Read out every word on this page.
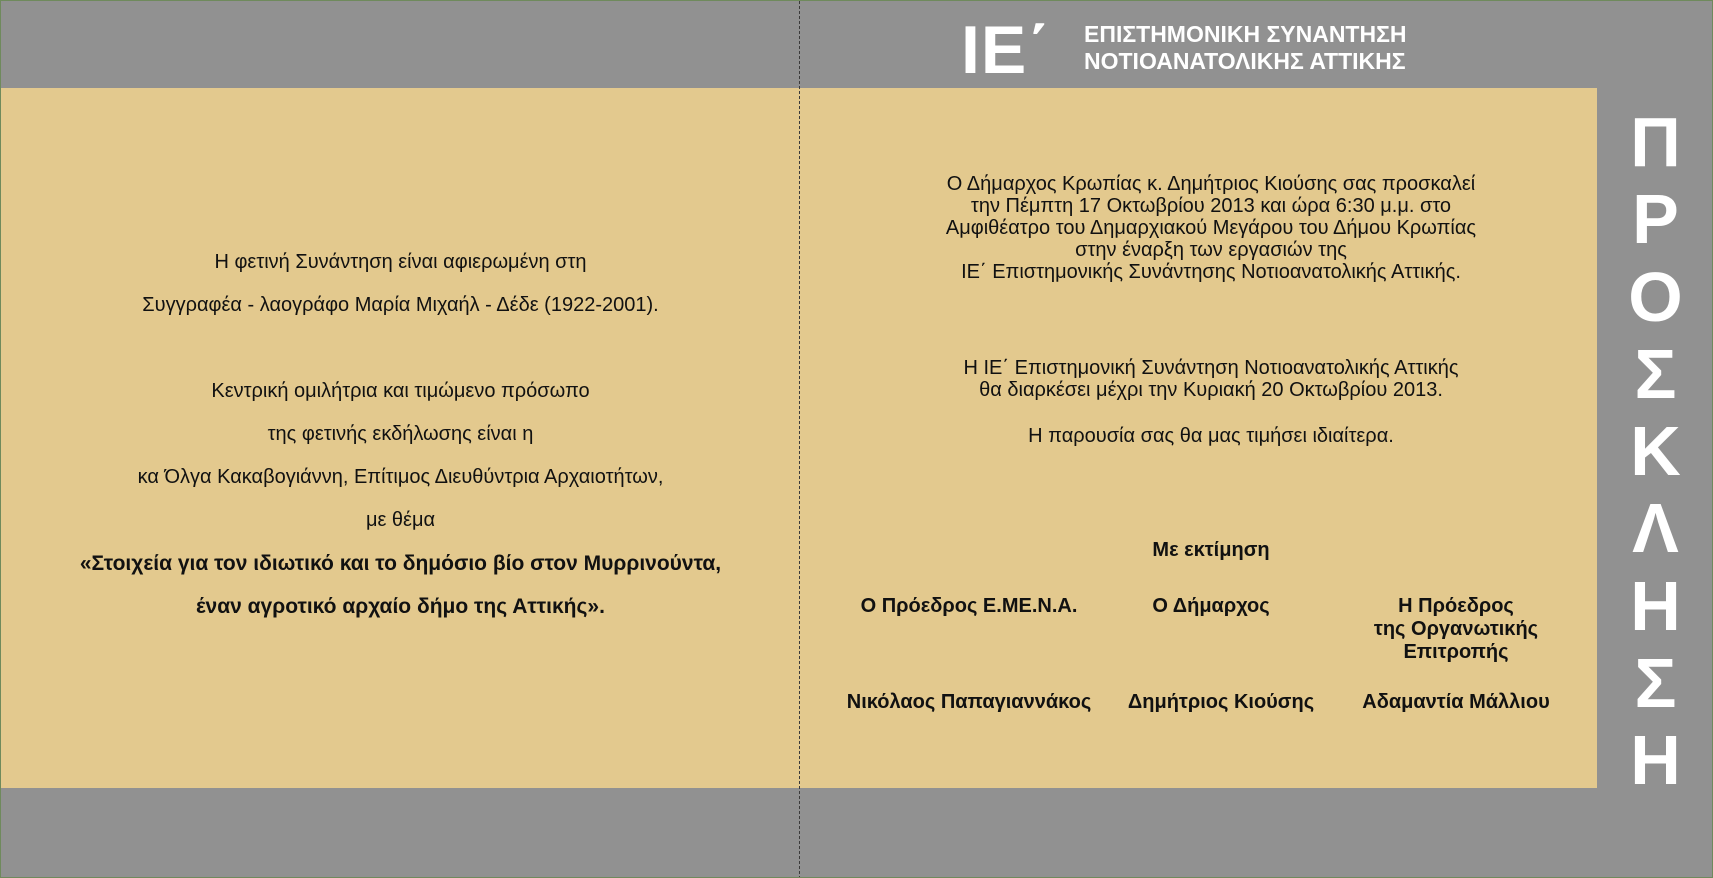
ΙΕ΄ ΕΠΙΣΤΗΜΟΝΙΚΗ ΣΥΝΑΝΤΗΣΗ
ΝΟΤΙΟΑΝΑΤΟΛΙΚΗΣ ΑΤΤΙΚΗΣ
Π
Ρ
Ο
Σ
Κ
Λ
Η
Σ
Η
Η φετινή Συνάντηση είναι αφιερωμένη στη
Συγγραφέα - λαογράφο Μαρία Μιχαήλ - Δέδε (1922-2001).
Κεντρική ομιλήτρια και τιμώμενο πρόσωπο
της φετινής εκδήλωσης είναι η
κα Όλγα Κακαβογιάννη, Επίτιμος Διευθύντρια Αρχαιοτήτων,
με θέμα
«Στοιχεία για τον ιδιωτικό και το δημόσιο βίο στον Μυρρινούντα,
έναν αγροτικό αρχαίο δήμο της Αττικής».
Ο Δήμαρχος Κρωπίας κ. Δημήτριος Κιούσης σας προσκαλεί
την Πέμπτη 17 Οκτωβρίου 2013 και ώρα 6:30 μ.μ. στο
Αμφιθέατρο του Δημαρχιακού Μεγάρου του Δήμου Κρωπίας
στην έναρξη των εργασιών της
ΙΕ΄ Επιστημονικής Συνάντησης Νοτιοανατολικής Αττικής.
Η ΙΕ΄ Επιστημονική Συνάντηση Νοτιοανατολικής Αττικής
θα διαρκέσει μέχρι την Κυριακή 20 Οκτωβρίου 2013.
Η παρουσία σας θα μας τιμήσει ιδιαίτερα.
Με εκτίμηση
Ο Πρόεδρος Ε.ΜΕ.Ν.Α.	Ο Δήμαρχος	Η Πρόεδρος
της Οργανωτικής
Επιτροπής
Νικόλαος Παπαγιαννάκος	Δημήτριος Κιούσης	Αδαμαντία Μάλλιου
